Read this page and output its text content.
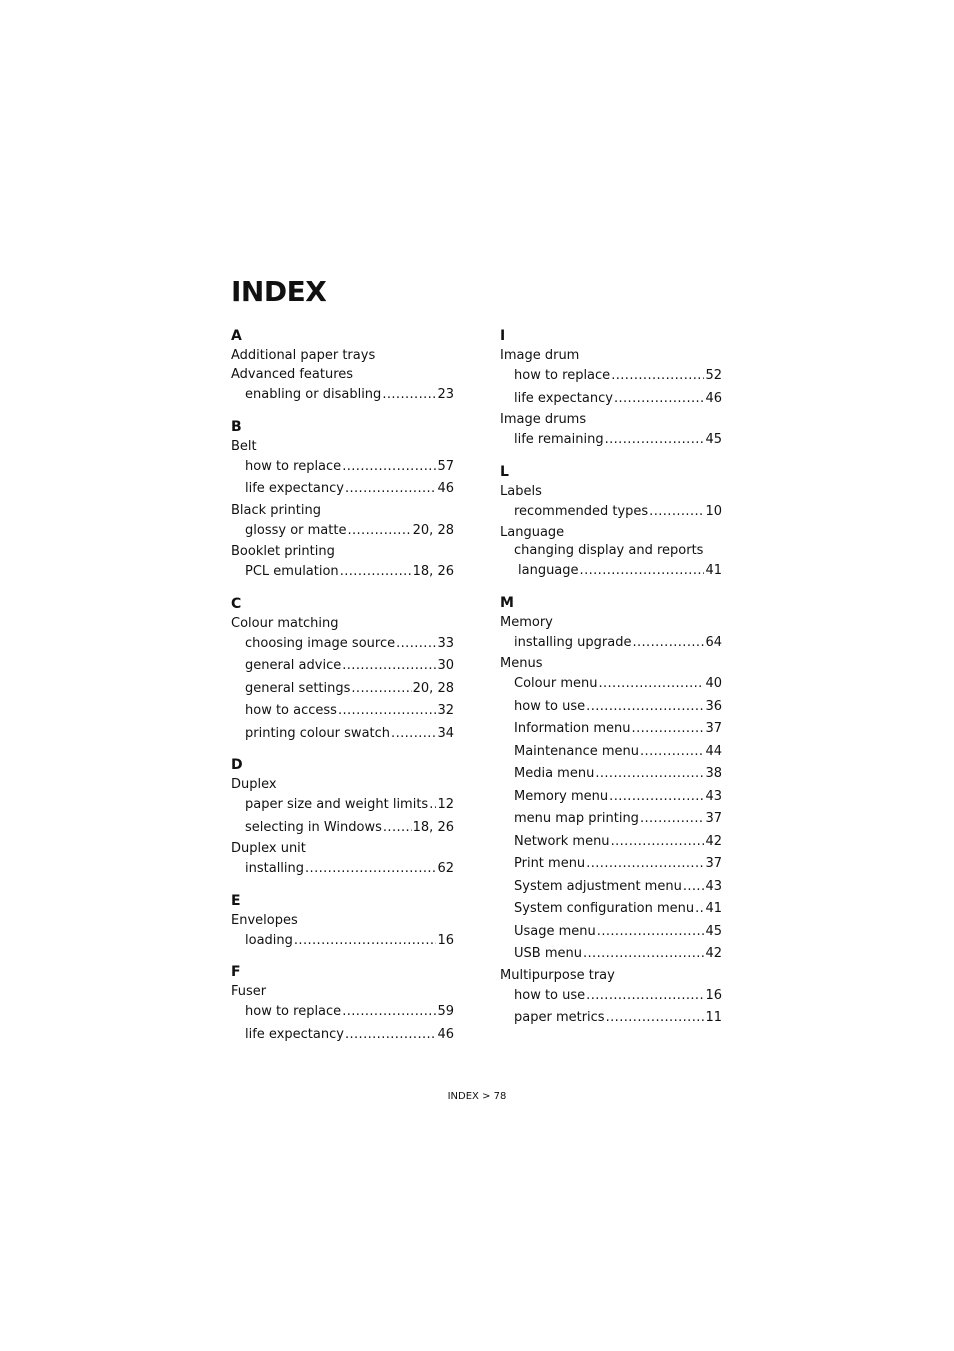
INDEX
A
Additional paper trays
Advanced features
enabling or disabling .....	23
B
Belt
how to replace .....	57
life expectancy .....	46
Black printing
glossy or matte .....	20, 28
Booklet printing
PCL emulation .....	18, 26
C
Colour matching
choosing image source .....	33
general advice .....	30
general settings .....	20, 28
how to access .....	32
printing colour swatch .....	34
D
Duplex
paper size and weight limits ..... 12
selecting in Windows ..... 18, 26
Duplex unit
installing .....	62
E
Envelopes
loading .....	16
F
Fuser
how to replace .....	59
life expectancy .....	46
I
Image drum
how to replace .....	52
life expectancy .....	46
Image drums
life remaining .....	45
L
Labels
recommended types .....	10
Language
changing display and reports
language .....	41
M
Memory
installing upgrade .....	64
Menus
Colour menu .....	40
how to use .....	36
Information menu .....	37
Maintenance menu .....	44
Media menu .....	38
Memory menu .....	43
menu map printing .....	37
Network menu .....	42
Print menu .....	37
System adjustment menu ..... 43
System configuration menu ..... 41
Usage menu .....	45
USB menu .....	42
Multipurpose tray
how to use .....	16
paper metrics .....	11
INDEX > 78
